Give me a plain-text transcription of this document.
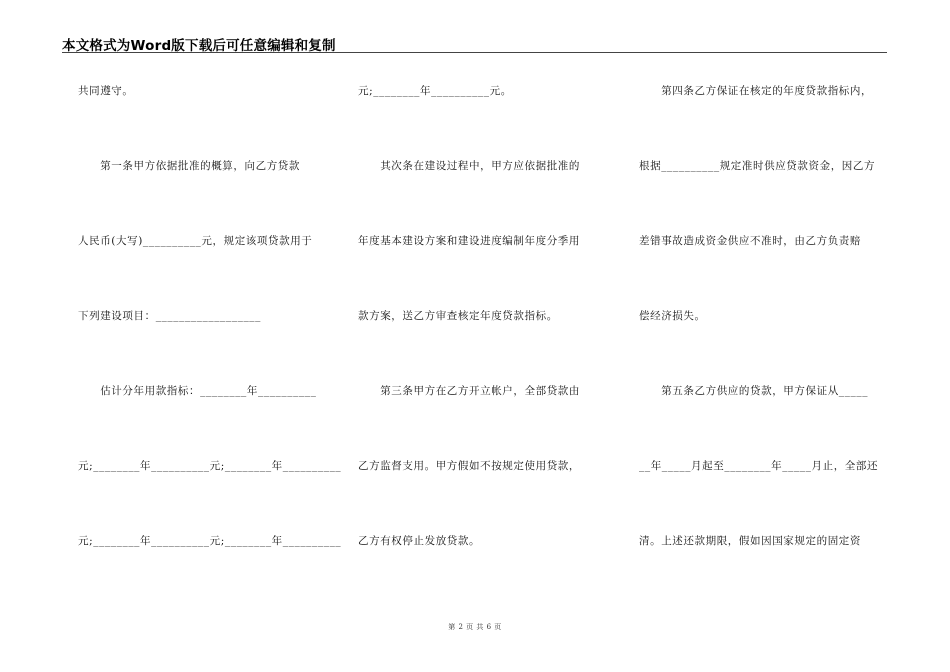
本文格式为Word版下载后可任意编辑和复制
共同遵守。
　　第一条甲方依据批准的概算，向乙方贷款
人民币(大写)__________元，规定该项贷款用于
下列建设项目：__________________
　　估计分年用款指标：________年__________
元;________年__________元;________年__________
元;________年__________元;________年__________
元;________年__________元。
　　其次条在建设过程中，甲方应依据批准的
年度基本建设方案和建设进度编制年度分季用
款方案，送乙方审查核定年度贷款指标。
　　第三条甲方在乙方开立帐户，全部贷款由
乙方监督支用。甲方假如不按规定使用贷款，
乙方有权停止发放贷款。
　　第四条乙方保证在核定的年度贷款指标内，
根据__________规定准时供应贷款资金，因乙方
差错事故造成资金供应不准时，由乙方负责赔
偿经济损失。
　　第五条乙方供应的贷款，甲方保证从_____
__年_____月起至________年_____月止，全部还
清。上述还款期限，假如因国家规定的固定资
第 2 页 共 6 页
